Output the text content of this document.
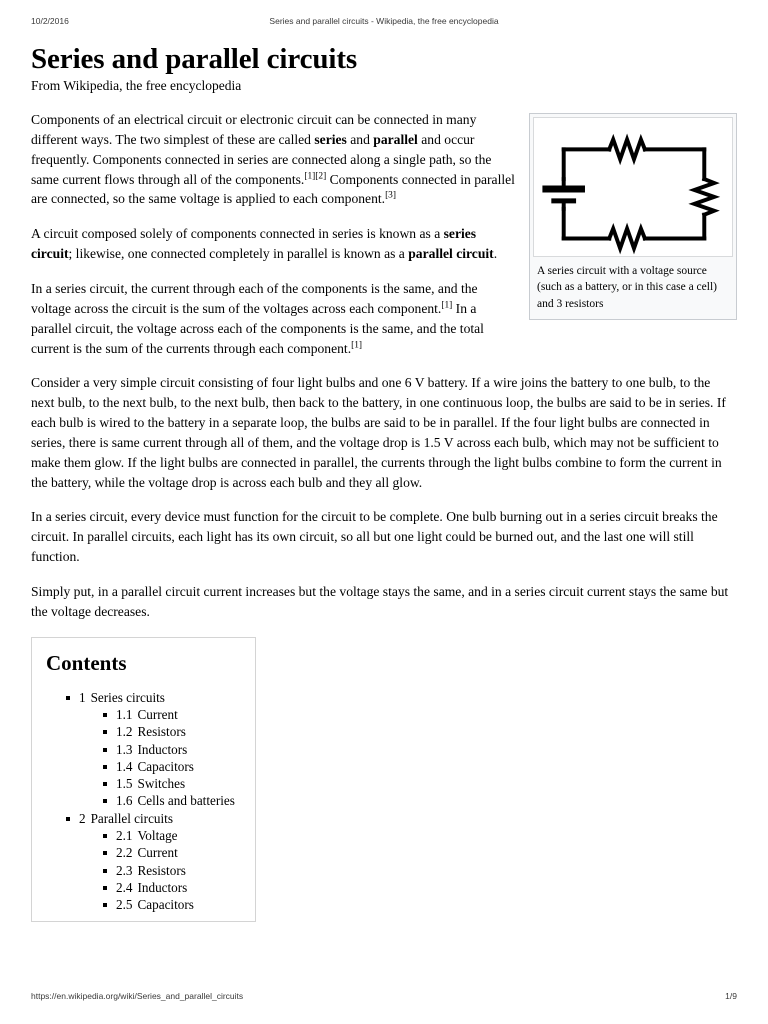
10/2/2016	Series and parallel circuits - Wikipedia, the free encyclopedia
Series and parallel circuits
From Wikipedia, the free encyclopedia
A series circuit with a voltage source (such as a battery, or in this case a cell) and 3 resistors

Components of an electrical circuit or electronic circuit can be connected in many different ways. The two simplest of these are called series and parallel and occur frequently. Components connected in series are connected along a single path, so the same current flows through all of the components.[1][2] Components connected in parallel are connected, so the same voltage is applied to each component.[3]

A circuit composed solely of components connected in series is known as a series circuit; likewise, one connected completely in parallel is known as a parallel circuit.

In a series circuit, the current through each of the components is the same, and the voltage across the circuit is the sum of the voltages across each component.[1] In a parallel circuit, the voltage across each of the components is the same, and the total current is the sum of the currents through each component.[1]

Consider a very simple circuit consisting of four light bulbs and one 6 V battery. If a wire joins the battery to one bulb, to the next bulb, to the next bulb, to the next bulb, then back to the battery, in one continuous loop, the bulbs are said to be in series. If each bulb is wired to the battery in a separate loop, the bulbs are said to be in parallel. If the four light bulbs are connected in series, there is same current through all of them, and the voltage drop is 1.5 V across each bulb, which may not be sufficient to make them glow. If the light bulbs are connected in parallel, the currents through the light bulbs combine to form the current in the battery, while the voltage drop is across each bulb and they all glow.

In a series circuit, every device must function for the circuit to be complete. One bulb burning out in a series circuit breaks the circuit. In parallel circuits, each light has its own circuit, so all but one light could be burned out, and the last one will still function.

Simply put, in a parallel circuit current increases but the voltage stays the same, and in a series circuit current stays the same but the voltage decreases.

Contents
1 Series circuits
1.1 Current
1.2 Resistors
1.3 Inductors
1.4 Capacitors
1.5 Switches
1.6 Cells and batteries
2 Parallel circuits
2.1 Voltage
2.2 Current
2.3 Resistors
2.4 Inductors
2.5 Capacitors
https://en.wikipedia.org/wiki/Series_and_parallel_circuits	1/9
